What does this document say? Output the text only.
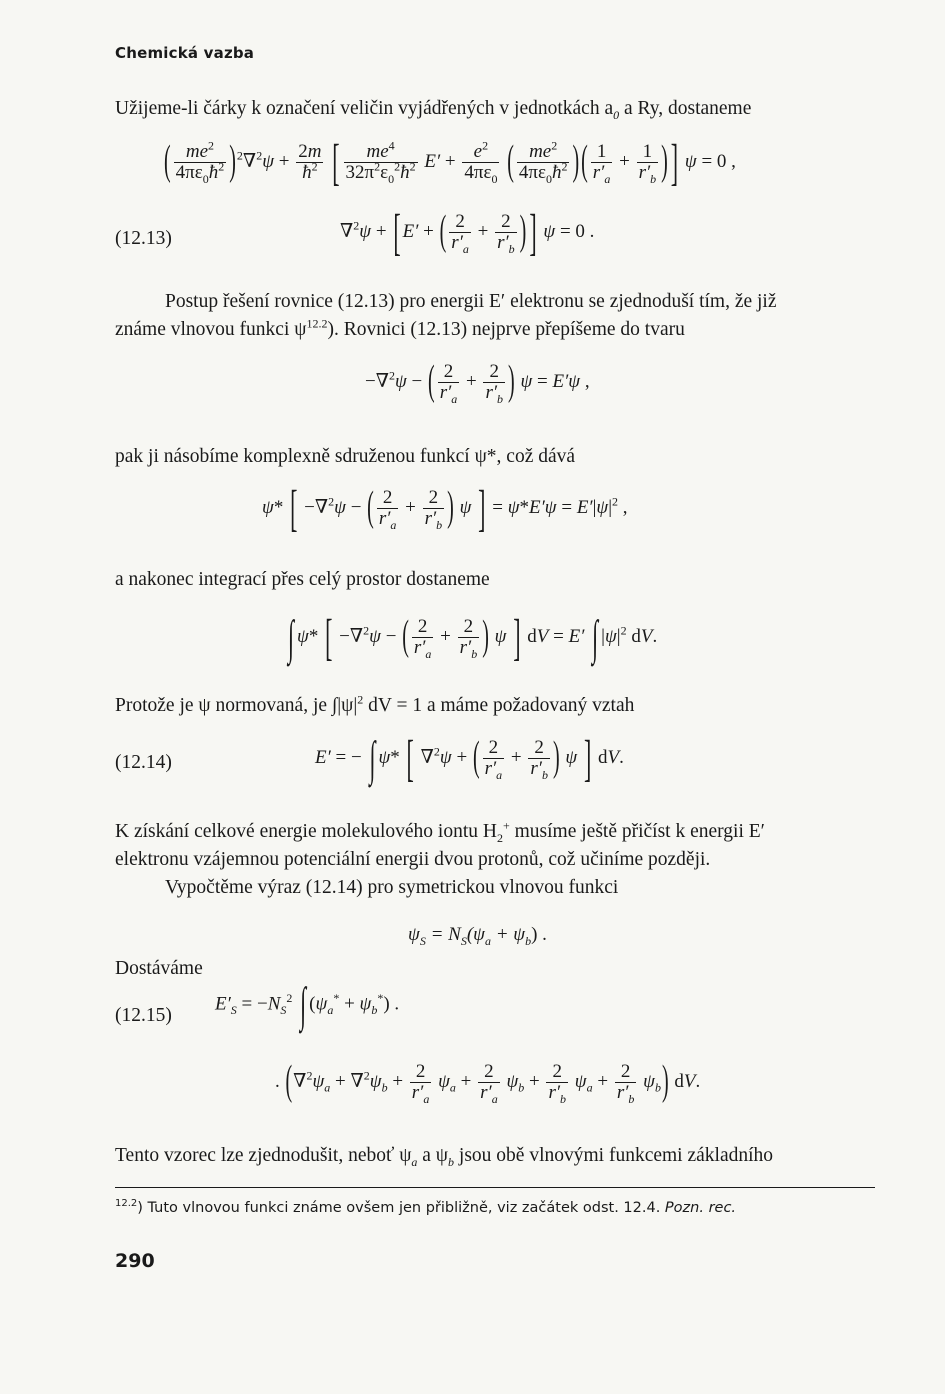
Chemická vazba
Užijeme-li čárky k označení veličin vyjádřených v jednotkách $a_0$ a Ry, dostaneme
( $\frac{me^2}{4\pi\varepsilon_0ħ^2} )^2\nabla^2\psi + \frac{2m}{ħ^2}$ [ $\frac{me^4}{32\pi^2\varepsilon_0^2ħ^2} E' + \frac{e^2}{4\pi\varepsilon_0}$ ( $\frac{me^2}{4\pi\varepsilon_0ħ^2}$ ) ( $\frac{1}{r'_a} + \frac{1}{r'_b}$ ) ] ψ = 0 ,
(12.13)	∇$^2$ψ + [ E′ + ( $\frac{2}{r'_a} + \frac{2}{r'_b}$ ) ] ψ = 0 .
Postup řešení rovnice (12.13) pro energii E′ elektronu se zjednoduší tím, že již
známe vlnovou funkci $\psi^{12.2}$). Rovnici (12.13) nejprve přepíšeme do tvaru
−∇$^2$ψ − ( $\frac{2}{r'_a} + \frac{2}{r'_b}$ ) ψ = E′ψ ,
pak ji násobíme komplexně sdruženou funkcí ψ*, což dává
ψ* [ −∇$^2$ψ − ( $\frac{2}{r'_a} + \frac{2}{r'_b}$ ) ψ ] = $\psi*E'\psi = E'|\psi|^2$ ,
a nakonec integrací přes celý prostor dostaneme
∫ ψ* [ −∇$^2$ψ − ( $\frac{2}{r'_a} + \frac{2}{r'_b}$ ) ψ ] dV = E′ ∫ $|\psi|^2$ dV.
Protože je ψ normovaná, je $\int|\psi|^2$ dV = 1 a máme požadovaný vztah
(12.14)	E′ = − ∫ ψ* [ ∇$^2$ψ + ( $\frac{2}{r'_a} + \frac{2}{r'_b}$ ) ψ ] dV.
K získání celkové energie molekulového iontu $H_2^+$ musíme ještě přičíst k energii E′
elektronu vzájemnou potenciální energii dvou protonů, což učiníme později.
Vypočtěme výraz (12.14) pro symetrickou vlnovou funkci
$\psi_S = N_S(\psi_a + \psi_b)$ .
Dostáváme
(12.15)
$E'_S = -N_S^2$ ∫ $(\psi_a^* + \psi_b^*)$ .
. $(\nabla^2\psi_a + \nabla^2\psi_b + \frac{2}{r'_a} \psi_a + \frac{2}{r'_a} \psi_b + \frac{2}{r'_b} \psi_a + \frac{2}{r'_b} \psi_b)$ dV.
Tento vzorec lze zjednodušit, neboť $\psi_a$ a $\psi_b$ jsou obě vlnovými funkcemi základního
$^{12.2}$) Tuto vlnovou funkci známe ovšem jen přibližně, viz začátek odst. 12.4. Pozn. rec.
290
